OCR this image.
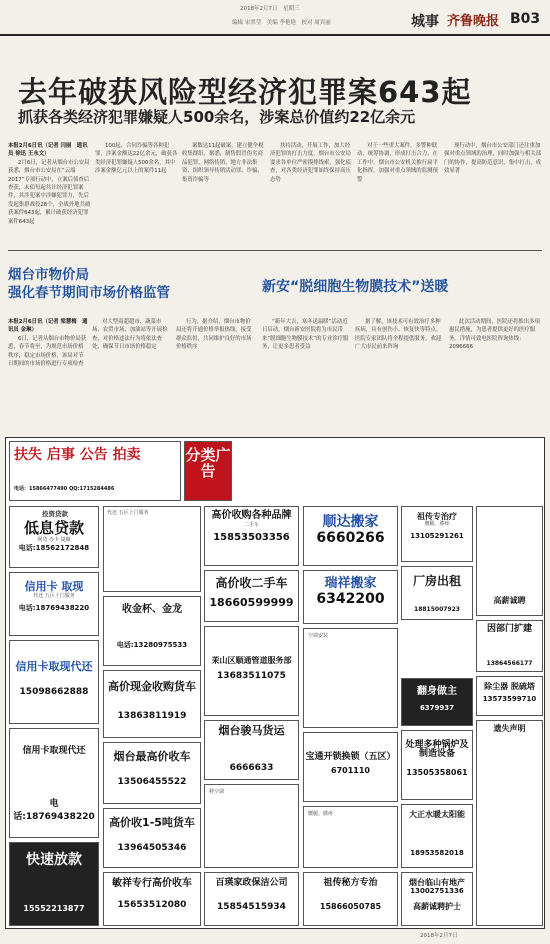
2018年2月7日　星期三
编辑 宋翠莹　美编 李艳艳　校对 周宾丽	城事 齐鲁晚报 B03
去年破获风险型经济犯罪案643起
抓获各类经济犯罪嫌疑人500余名，涉案总价值约22亿余元
本报2月6日讯（记者 闫丽　通讯员 徐迅 王永文）

2月6日，记者从烟台市公安局获悉，烟台市公安局在“云端2017”专项行动中，立案后侦查后查获，未侦每起共计经济犯罪案件，其涉犯案中涉嫌犯罪力，先后发起集群战役28个，全战外地共破获案件643起，累计破获经济犯罪案件643起

100起，合同诈骗等各种犯罪，涉案金额达22亿余元，破获各类经济犯罪嫌疑人500余名，其中涉案金额亿元以上的案件11起

案数达11起破案，建立健全税收集群组，据悉，制售假冒伪劣商品犯罪、网络传销、地方非法集资、组织领导传销活动罪、诈骗、集资诈骗等

扶持活动，开展工作，加大经济犯罪的打击力度。烟台市公安局要求各单位严密摸排线索，强化侦查，对各类经济犯罪始终保持高压态势

对于一些重大案件，多警种联动，统筹协调，形成打击合力。在工作中，烟台市公安机关推行扁平化指挥，加强对重点领域的监测预警

现行动中，烟台市公安部门还注重加强对重点领域的治理，同时加强与相关部门的协作，提高防范意识，集中打击，成效显著

烟台市物价局
强化春节期间市场价格监管
本报2月6日讯（记者 梁慧梅　通讯员 金琳）

6日，记者从烟台市物价局获悉，春节将至，为规范市场价格秩序，稳定市场价格，该局对节日期间的市场价格进行专项检查

对大型商超超市、蔬菜市场、农贸市场、加油站等开展检查，对价格违法行为将依法查处，确保节日市场价格稳定

行为，据介绍，烟台市物价局还将开通价格举报热线，接受群众监督，共同维护良好的市场价格秩序

新安“脱细胞生物膜技术”送暖

“新年大吉，寒冬送温暖”活动近日启动。烟台新安医院将为市民带来“脱细胞生物膜技术”的专业诊疗服务，让更多患者受益

据了解，该技术可有效治疗多种疾病，具有创伤小、恢复快等特点。医院专家团队将全程提供服务，欢迎广大市民前来咨询

此次活动期间，医院还将推出多项惠民措施，为患者提供更好的医疗服务。详情可致电医院咨询热线：2096666

扶失 启事 公告 拍卖
电话：15866477490 QQ:1715284486
分类广告
投资贷款
低息贷款
网贷 办卡 提额
电话:18562172848
信用卡 取现
代还 五区上门服务
电话:18769438220
信用卡取现代还
15098662888
信用卡取现代还
电话:18769438220
快速放款
15552213877
代还 五区上门服务
收金杯、金龙
电话:13280975533
高价现金收购货车
13863811919
烟台最高价收车
13506455522
高价收1-5吨货车
13964505346
敏祥专行高价收车
15653512080
高价收购各种品牌
二手车
15853503356
高价收二手车
18660599999
茉山区顺通管道服务部
13683511075
烟台骏马货运
6666633
移空调
百瑛家政保洁公司
15854515934
顺达搬家
6660266
瑞祥搬家
6342200
空调安装
宝通开锁换锁（五区）
6701110
腰腿、膝疼
祖传秘方专治
15866050785
祖传专治疗
腰腿、膝疼
13105291261
厂房出租
18815007923
翻身做主
6379937
处理多种锅炉及制造设备
13505358061
大正水暖太阳能
18953582018
烟台临山有地产
13002751336
高薪诚聘护士
高薪诚聘
因部门扩建
13864566177
除尘器 脱硫塔
13573599710
遗失声明
2018年2月7日
